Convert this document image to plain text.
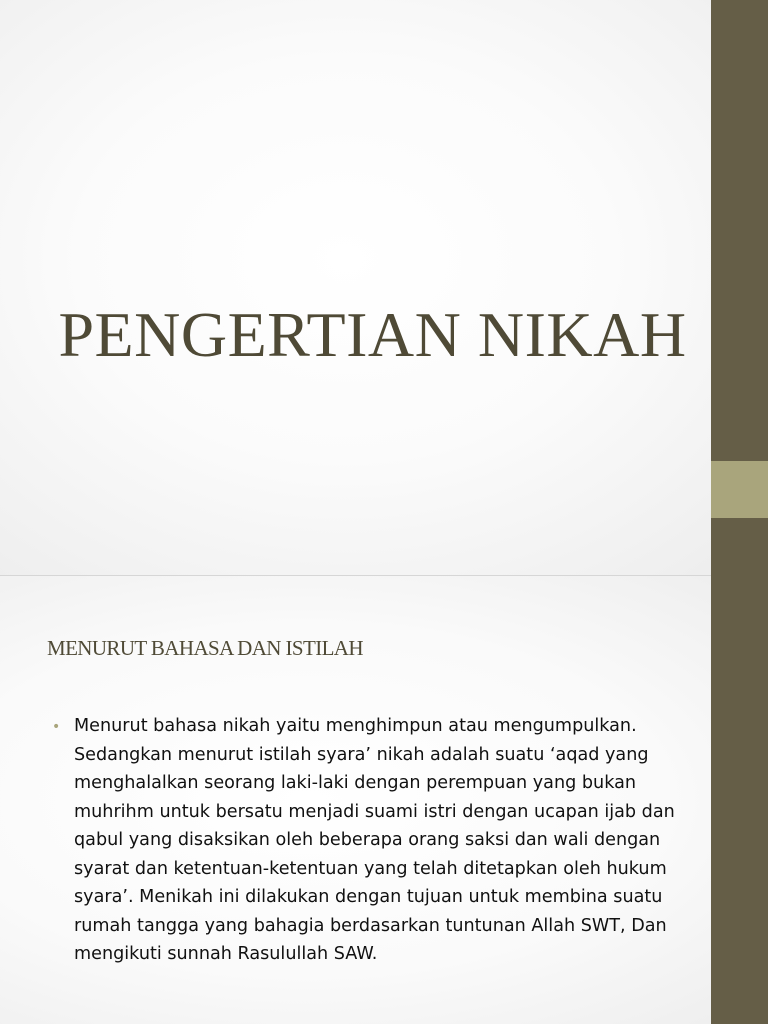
PENGERTIAN NIKAH
MENURUT BAHASA DAN ISTILAH
• Menurut bahasa nikah yaitu menghimpun atau mengumpulkan. Sedangkan menurut istilah syara’ nikah adalah suatu ‘aqad yang menghalalkan seorang laki-laki dengan perempuan yang bukan muhrihm untuk bersatu menjadi suami istri dengan ucapan ijab dan qabul yang disaksikan oleh beberapa orang saksi dan wali dengan syarat dan ketentuan-ketentuan yang telah ditetapkan oleh hukum syara’. Menikah ini dilakukan dengan tujuan untuk membina suatu rumah tangga yang bahagia berdasarkan tuntunan Allah SWT, Dan mengikuti sunnah Rasulullah SAW.
